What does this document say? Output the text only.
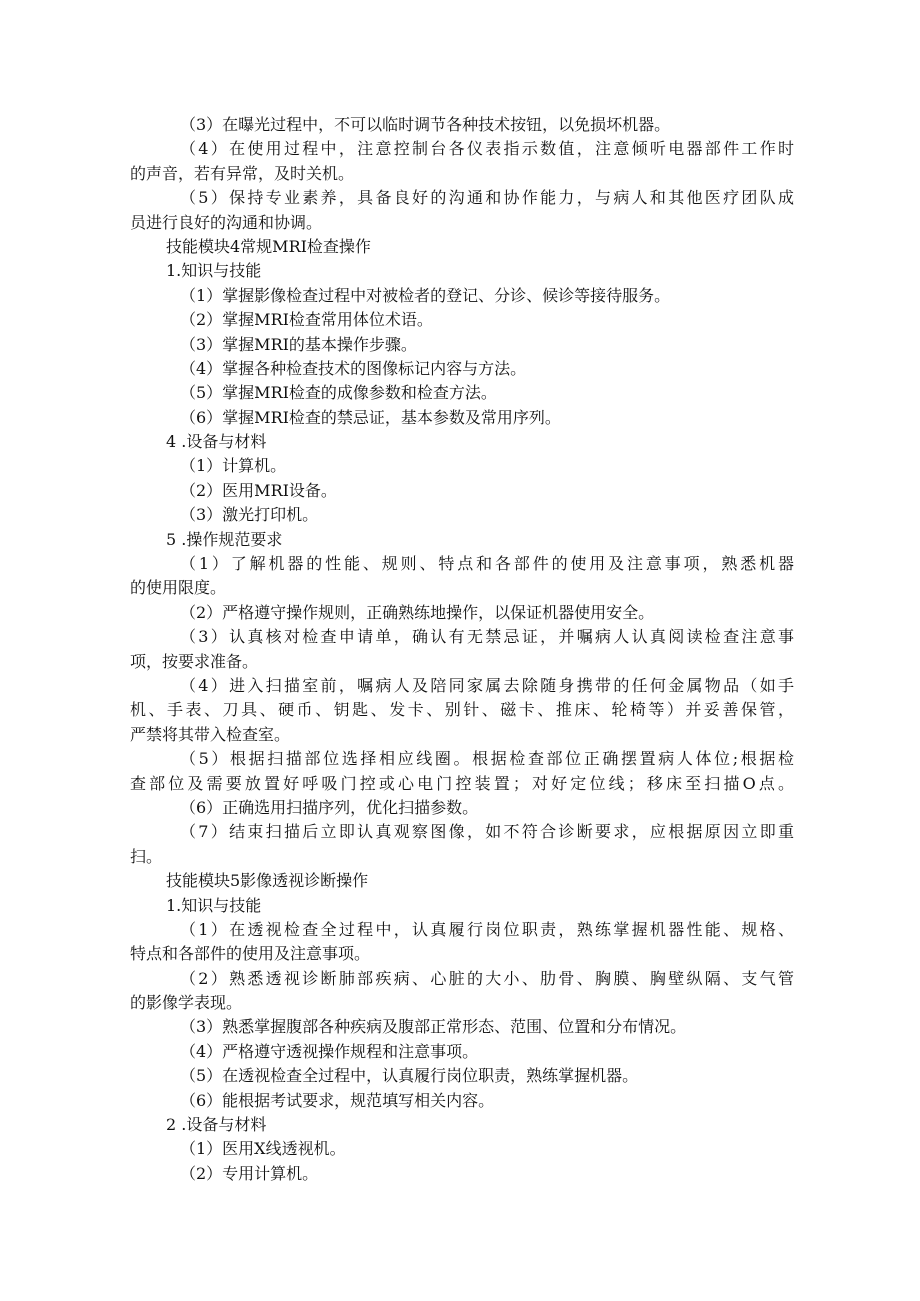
（3）在曝光过程中，不可以临时调节各种技术按钮，以免损坏机器。
（4）在使用过程中，注意控制台各仪表指示数值，注意倾听电器部件工作时
的声音，若有异常，及时关机。
（5）保持专业素养，具备良好的沟通和协作能力，与病人和其他医疗团队成
员进行良好的沟通和协调。
技能模块4常规MRI检查操作
1.知识与技能
（1）掌握影像检查过程中对被检者的登记、分诊、候诊等接待服务。
（2）掌握MRI检查常用体位术语。
（3）掌握MRI的基本操作步骤。
（4）掌握各种检查技术的图像标记内容与方法。
（5）掌握MRI检查的成像参数和检查方法。
（6）掌握MRI检查的禁忌证，基本参数及常用序列。
4 .设备与材料
（1）计算机。
（2）医用MRI设备。
（3）激光打印机。
5 .操作规范要求
（1）了解机器的性能、规则、特点和各部件的使用及注意事项，熟悉机器
的使用限度。
（2）严格遵守操作规则，正确熟练地操作，以保证机器使用安全。
（3）认真核对检查申请单，确认有无禁忌证，并嘱病人认真阅读检查注意事
项，按要求准备。
（4）进入扫描室前，嘱病人及陪同家属去除随身携带的任何金属物品（如手
机、手表、刀具、硬币、钥匙、发卡、别针、磁卡、推床、轮椅等）并妥善保管，
严禁将其带入检查室。
（5）根据扫描部位选择相应线圈。根据检查部位正确摆置病人体位;根据检
查部位及需要放置好呼吸门控或心电门控装置；对好定位线；移床至扫描O点。
（6）正确选用扫描序列，优化扫描参数。
（7）结束扫描后立即认真观察图像，如不符合诊断要求，应根据原因立即重
扫。
技能模块5影像透视诊断操作
1.知识与技能
（1）在透视检查全过程中，认真履行岗位职责，熟练掌握机器性能、规格、
特点和各部件的使用及注意事项。
（2）熟悉透视诊断肺部疾病、心脏的大小、肋骨、胸膜、胸壁纵隔、支气管
的影像学表现。
（3）熟悉掌握腹部各种疾病及腹部正常形态、范围、位置和分布情况。
（4）严格遵守透视操作规程和注意事项。
（5）在透视检查全过程中，认真履行岗位职责，熟练掌握机器。
（6）能根据考试要求，规范填写相关内容。
2 .设备与材料
（1）医用X线透视机。
（2）专用计算机。
